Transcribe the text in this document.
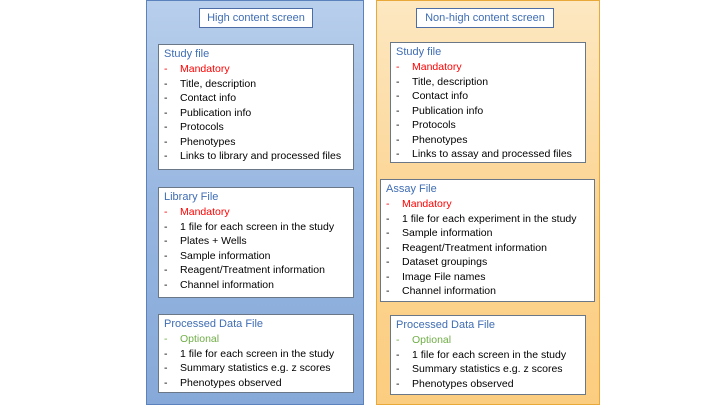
High content screen
Study file
- Mandatory
- Title, description
- Contact info
- Publication info
- Protocols
- Phenotypes
- Links to library and processed files
Library File
- Mandatory
- 1 file for each screen in the study
- Plates + Wells
- Sample information
- Reagent/Treatment information
- Channel information
Processed Data File
- Optional
- 1 file for each screen in the study
- Summary statistics e.g. z scores
- Phenotypes observed
Non-high content screen
Study file
- Mandatory
- Title, description
- Contact info
- Publication info
- Protocols
- Phenotypes
- Links to assay and processed files
Assay File
- Mandatory
- 1 file for each experiment in the study
- Sample information
- Reagent/Treatment information
- Dataset groupings
- Image File names
- Channel information
Processed Data File
- Optional
- 1 file for each screen in the study
- Summary statistics e.g. z scores
- Phenotypes observed
